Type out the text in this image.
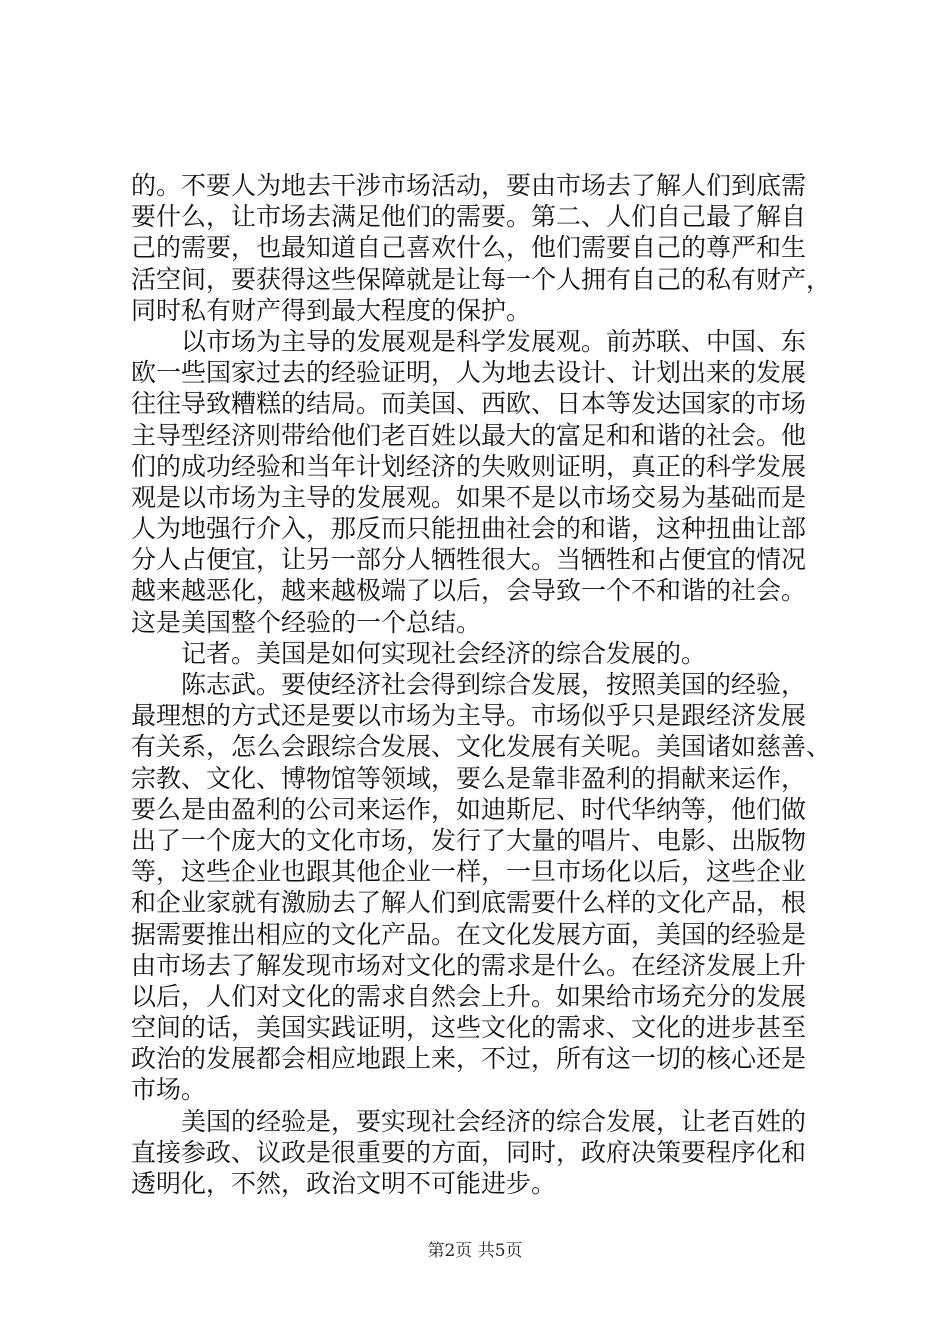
的。不要人为地去干涉市场活动，要由市场去了解人们到底需
要什么，让市场去满足他们的需要。第二、人们自己最了解自
己的需要，也最知道自己喜欢什么，他们需要自己的尊严和生
活空间，要获得这些保障就是让每一个人拥有自己的私有财产，
同时私有财产得到最大程度的保护。
以市场为主导的发展观是科学发展观。前苏联、中国、东
欧一些国家过去的经验证明，人为地去设计、计划出来的发展
往往导致糟糕的结局。而美国、西欧、日本等发达国家的市场
主导型经济则带给他们老百姓以最大的富足和和谐的社会。他
们的成功经验和当年计划经济的失败则证明，真正的科学发展
观是以市场为主导的发展观。如果不是以市场交易为基础而是
人为地强行介入，那反而只能扭曲社会的和谐，这种扭曲让部
分人占便宜，让另一部分人牺牲很大。当牺牲和占便宜的情况
越来越恶化，越来越极端了以后，会导致一个不和谐的社会。
这是美国整个经验的一个总结。
记者。美国是如何实现社会经济的综合发展的。
陈志武。要使经济社会得到综合发展，按照美国的经验，
最理想的方式还是要以市场为主导。市场似乎只是跟经济发展
有关系，怎么会跟综合发展、文化发展有关呢。美国诸如慈善、
宗教、文化、博物馆等领域，要么是靠非盈利的捐献来运作，
要么是由盈利的公司来运作，如迪斯尼、时代华纳等，他们做
出了一个庞大的文化市场，发行了大量的唱片、电影、出版物
等，这些企业也跟其他企业一样，一旦市场化以后，这些企业
和企业家就有激励去了解人们到底需要什么样的文化产品，根
据需要推出相应的文化产品。在文化发展方面，美国的经验是
由市场去了解发现市场对文化的需求是什么。在经济发展上升
以后，人们对文化的需求自然会上升。如果给市场充分的发展
空间的话，美国实践证明，这些文化的需求、文化的进步甚至
政治的发展都会相应地跟上来，不过，所有这一切的核心还是
市场。
美国的经验是，要实现社会经济的综合发展，让老百姓的
直接参政、议政是很重要的方面，同时，政府决策要程序化和
透明化，不然，政治文明不可能进步。
第2页 共5页
